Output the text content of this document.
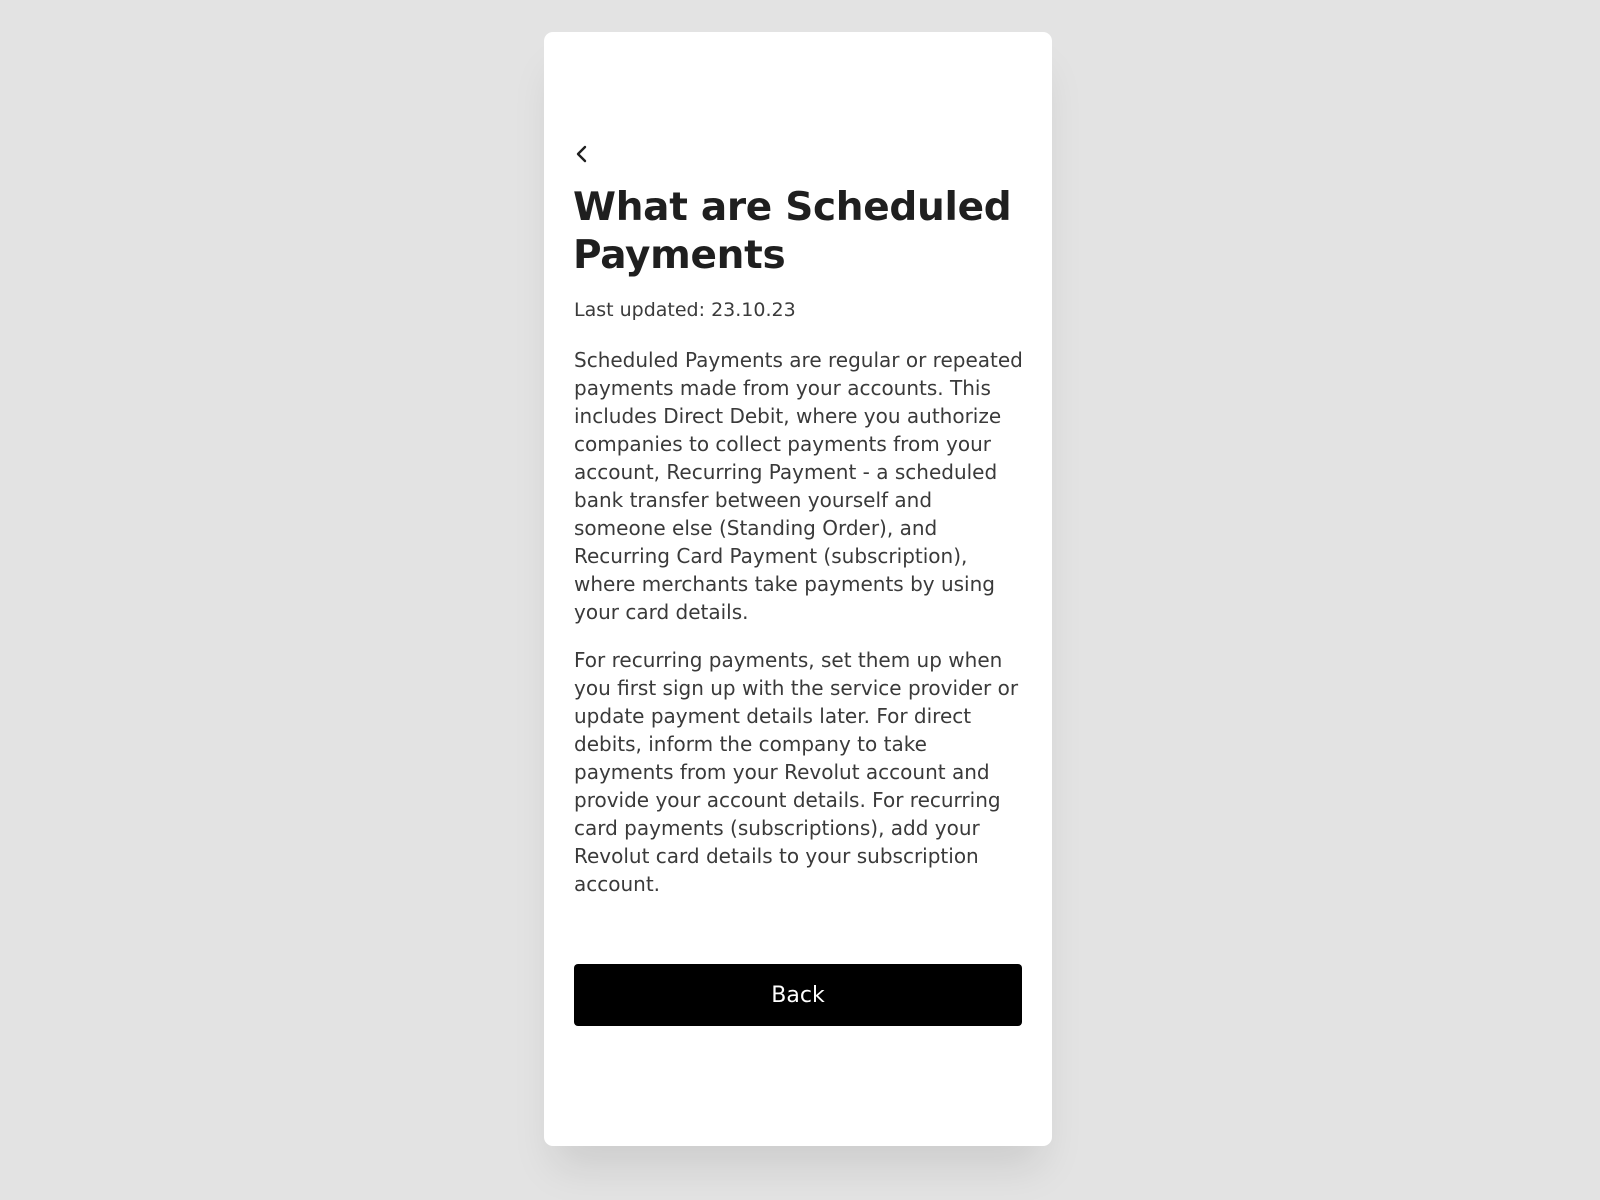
What are Scheduled Payments

Last updated: 23.10.23

Scheduled Payments are regular or repeated payments made from your accounts. This includes Direct Debit, where you authorize companies to collect payments from your account, Recurring Payment - a scheduled bank transfer between yourself and someone else (Standing Order), and Recurring Card Payment (subscription), where merchants take payments by using your card details.

For recurring payments, set them up when you first sign up with the service provider or update payment details later. For direct debits, inform the company to take payments from your Revolut account and provide your account details. For recurring card payments (subscriptions), add your Revolut card details to your subscription account.

Back
